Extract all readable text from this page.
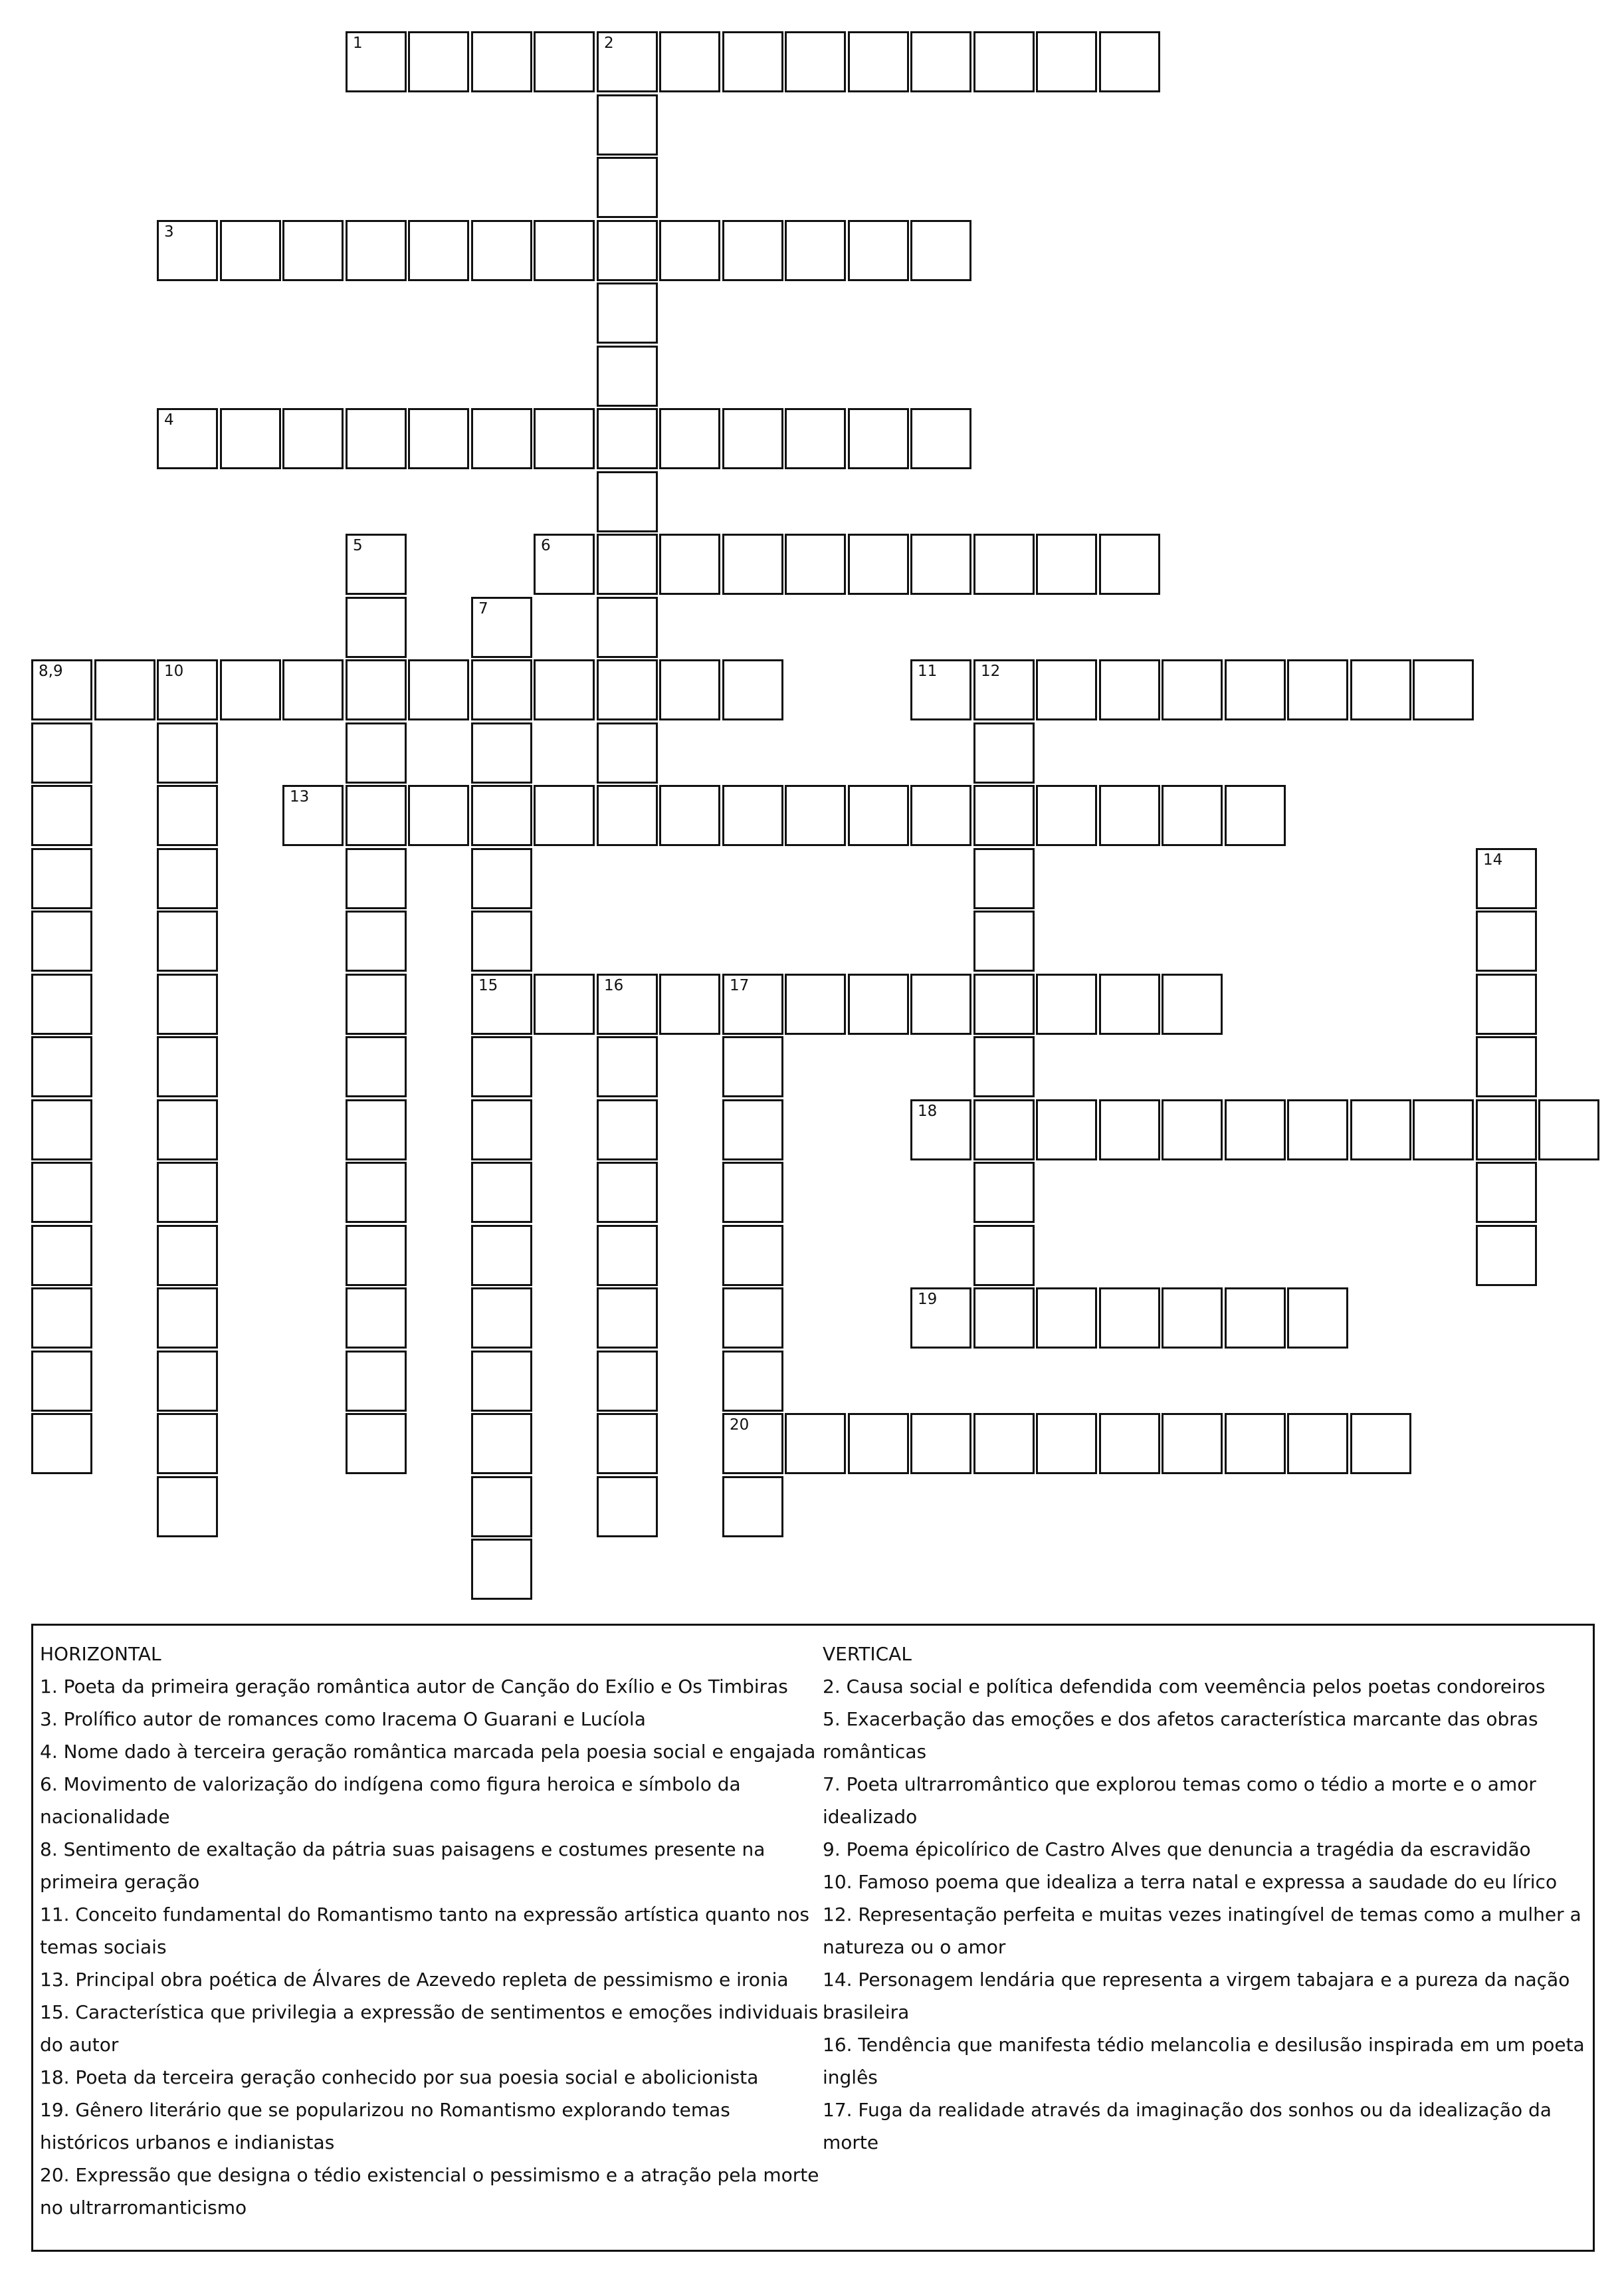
1	2
3
4
5	6
7
15
8,9	10	11	12
13
14
16	17
20
18
19
HORIZONTAL
1. Poeta da primeira geração romântica autor de Canção do Exílio e Os Timbiras
3. Prolífico autor de romances como Iracema O Guarani e Lucíola
4. Nome dado à terceira geração romântica marcada pela poesia social e engajada
6. Movimento de valorização do indígena como figura heroica e símbolo da nacionalidade
8. Sentimento de exaltação da pátria suas paisagens e costumes presente na primeira geração
11. Conceito fundamental do Romantismo tanto na expressão artística quanto nos temas sociais
13. Principal obra poética de Álvares de Azevedo repleta de pessimismo e ironia
15. Característica que privilegia a expressão de sentimentos e emoções individuais do autor
18. Poeta da terceira geração conhecido por sua poesia social e abolicionista
19. Gênero literário que se popularizou no Romantismo explorando temas históricos urbanos e indianistas
20. Expressão que designa o tédio existencial o pessimismo e a atração pela morte no ultrarromanticismo
VERTICAL
2. Causa social e política defendida com veemência pelos poetas condoreiros
5. Exacerbação das emoções e dos afetos característica marcante das obras românticas
7. Poeta ultrarromântico que explorou temas como o tédio a morte e o amor idealizado
9. Poema épicolírico de Castro Alves que denuncia a tragédia da escravidão
10. Famoso poema que idealiza a terra natal e expressa a saudade do eu lírico
12. Representação perfeita e muitas vezes inatingível de temas como a mulher a natureza ou o amor
14. Personagem lendária que representa a virgem tabajara e a pureza da nação brasileira
16. Tendência que manifesta tédio melancolia e desilusão inspirada em um poeta inglês
17. Fuga da realidade através da imaginação dos sonhos ou da idealização da morte
